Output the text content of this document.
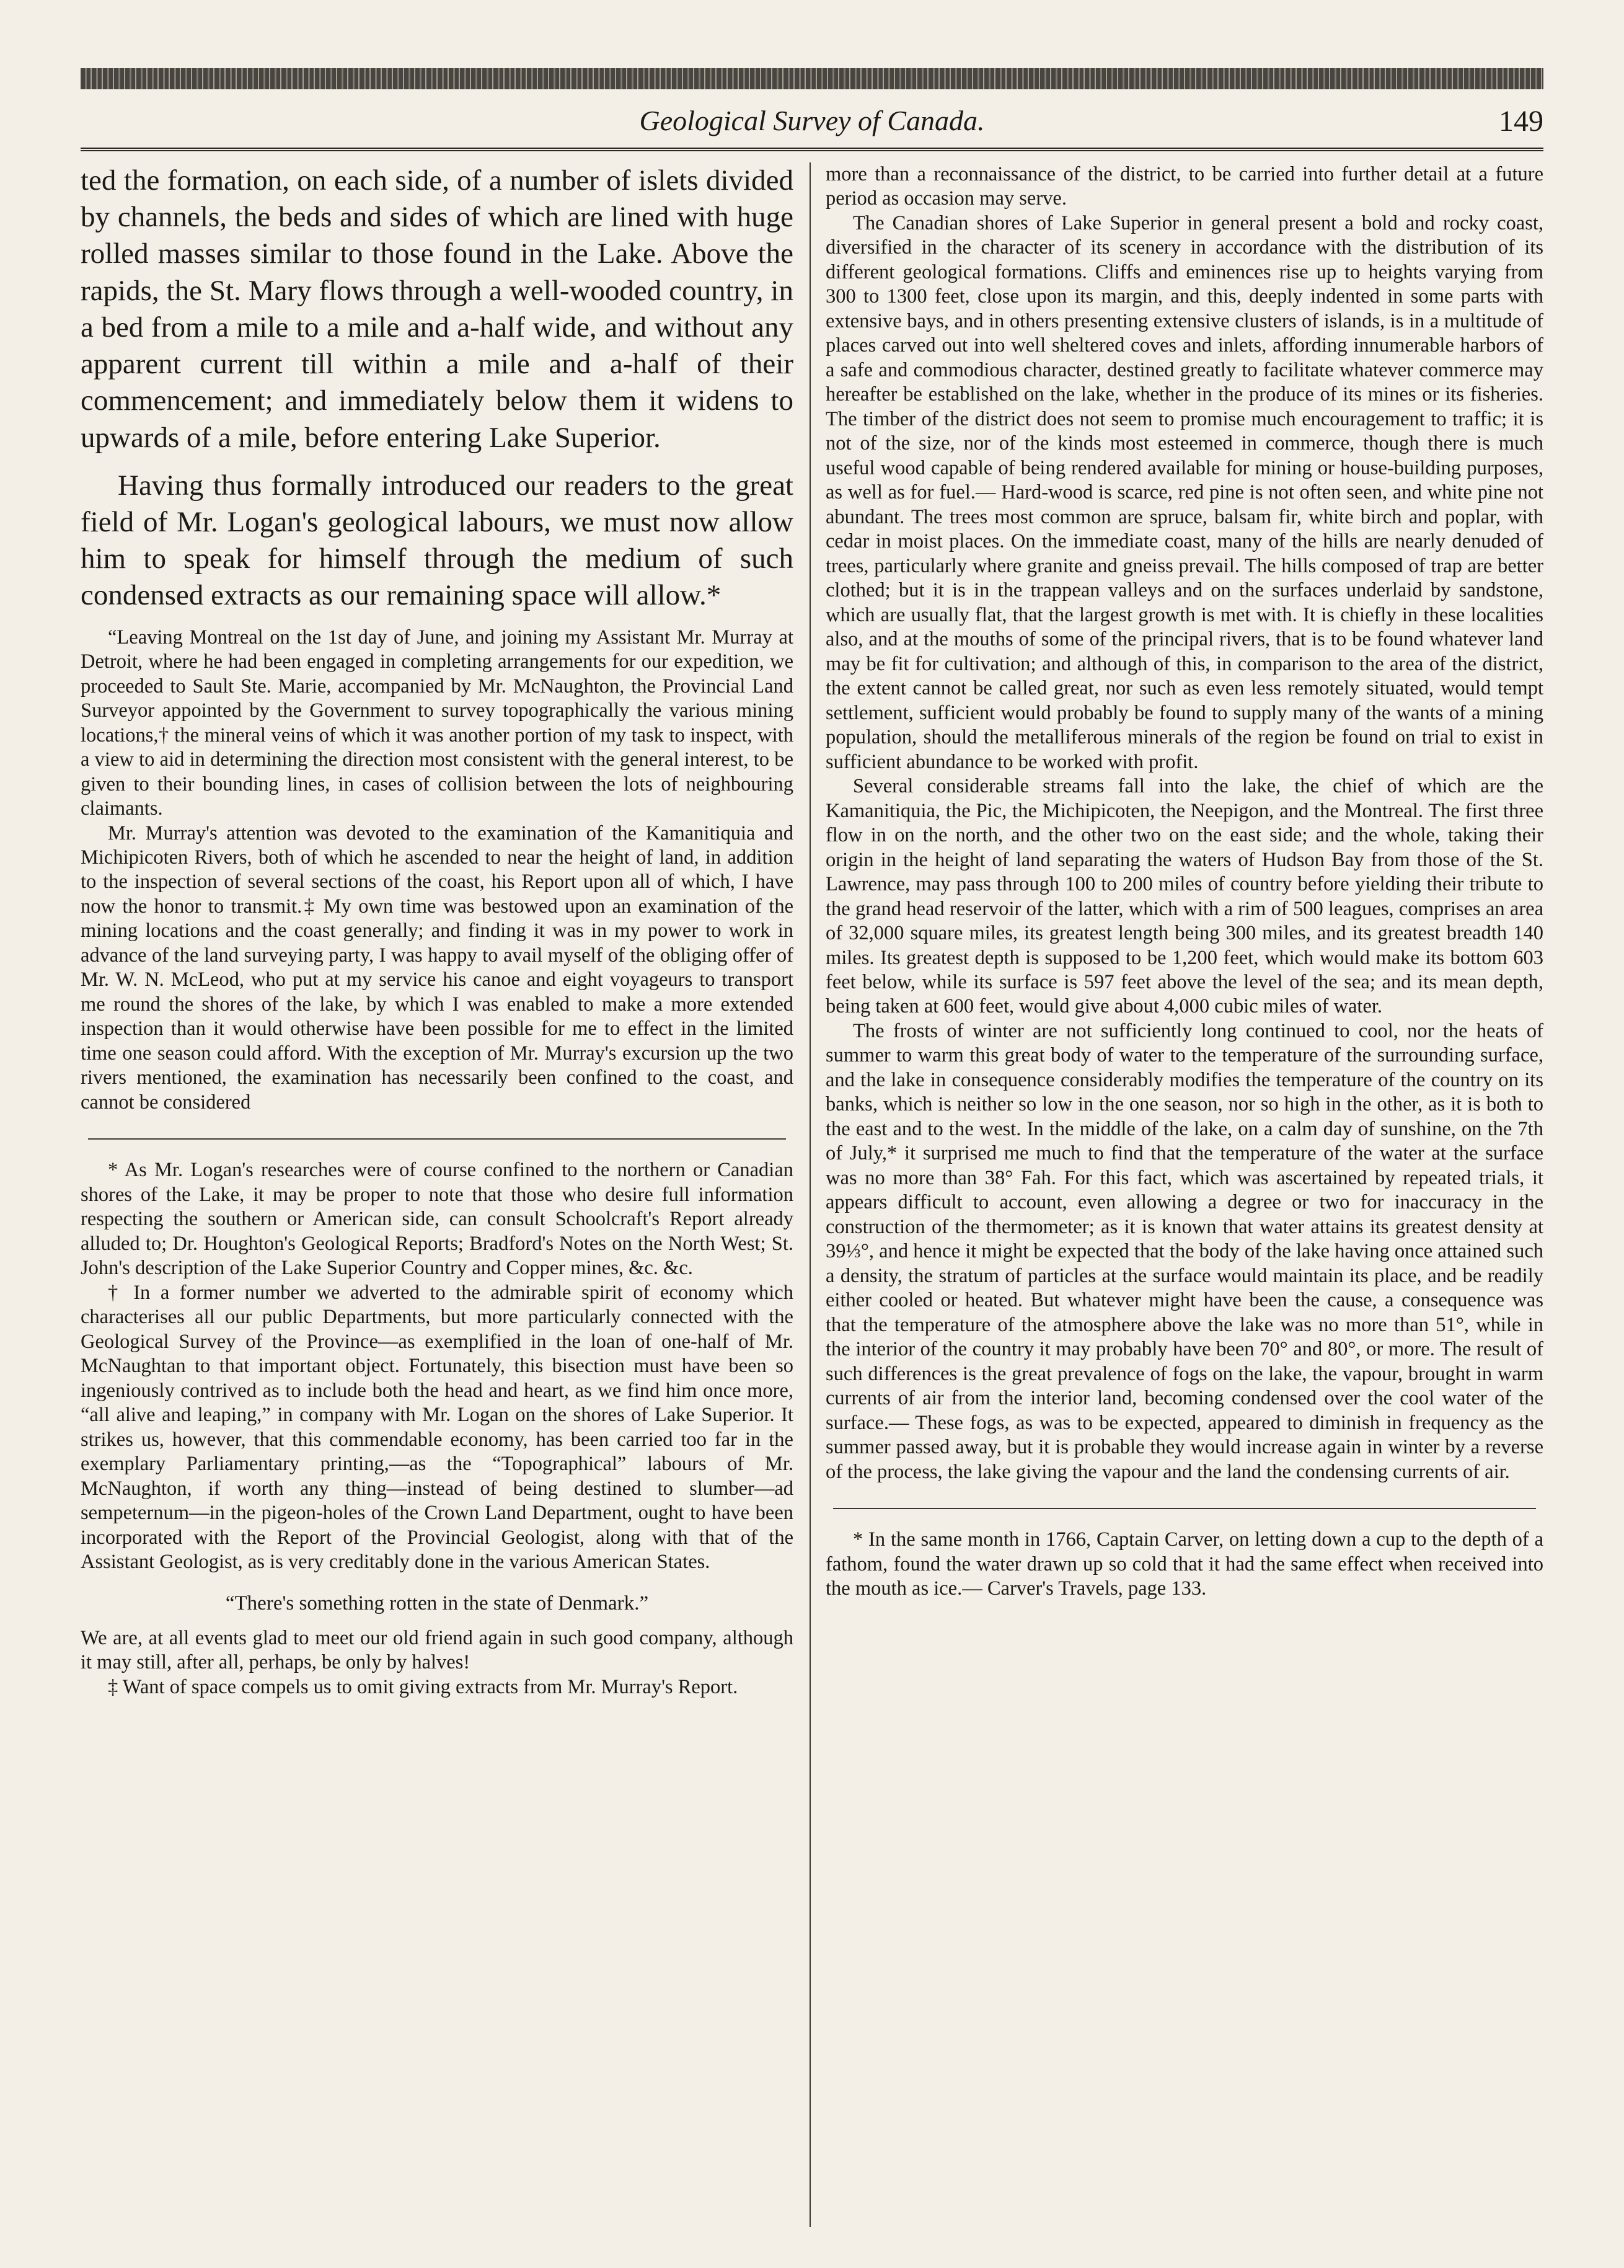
Geological Survey of Canada.	149

ted the formation, on each side, of a number of islets divided by channels, the beds and sides of which are lined with huge rolled masses similar to those found in the Lake. Above the rapids, the St. Mary flows through a well-wooded country, in a bed from a mile to a mile and a-half wide, and without any apparent current till within a mile and a-half of their commencement; and immediately below them it widens to upwards of a mile, before entering Lake Superior.

Having thus formally introduced our readers to the great field of Mr. Logan's geological labours, we must now allow him to speak for himself through the medium of such condensed extracts as our remaining space will allow.*

“Leaving Montreal on the 1st day of June, and joining my Assistant Mr. Murray at Detroit, where he had been engaged in completing arrangements for our expedition, we proceeded to Sault Ste. Marie, accompanied by Mr. McNaughton, the Provincial Land Surveyor appointed by the Government to survey topographically the various mining locations,† the mineral veins of which it was another portion of my task to inspect, with a view to aid in determining the direction most consistent with the general interest, to be given to their bounding lines, in cases of collision between the lots of neighbouring claimants.

Mr. Murray's attention was devoted to the examination of the Kamanitiquia and Michipicoten Rivers, both of which he ascended to near the height of land, in addition to the inspection of several sections of the coast, his Report upon all of which, I have now the honor to transmit.‡ My own time was bestowed upon an examination of the mining locations and the coast generally; and finding it was in my power to work in advance of the land surveying party, I was happy to avail myself of the obliging offer of Mr. W. N. McLeod, who put at my service his canoe and eight voyageurs to transport me round the shores of the lake, by which I was enabled to make a more extended inspection than it would otherwise have been possible for me to effect in the limited time one season could afford. With the exception of Mr. Murray's excursion up the two rivers mentioned, the examination has necessarily been confined to the coast, and cannot be considered

* As Mr. Logan's researches were of course confined to the northern or Canadian shores of the Lake, it may be proper to note that those who desire full information respecting the southern or American side, can consult Schoolcraft's Report already alluded to; Dr. Houghton's Geological Reports; Bradford's Notes on the North West; St. John's description of the Lake Superior Country and Copper mines, &c. &c.

† In a former number we adverted to the admirable spirit of economy which characterises all our public Departments, but more particularly connected with the Geological Survey of the Province—as exemplified in the loan of one-half of Mr. McNaughtan to that important object. Fortunately, this bisection must have been so ingeniously contrived as to include both the head and heart, as we find him once more, “all alive and leaping,” in company with Mr. Logan on the shores of Lake Superior. It strikes us, however, that this commendable economy, has been carried too far in the exemplary Parliamentary printing,—as the “Topographical” labours of Mr. McNaughton, if worth any thing—instead of being destined to slumber—ad sempeternum—in the pigeon-holes of the Crown Land Department, ought to have been incorporated with the Report of the Provincial Geologist, along with that of the Assistant Geologist, as is very creditably done in the various American States.

“There's something rotten in the state of Denmark.”

We are, at all events glad to meet our old friend again in such good company, although it may still, after all, perhaps, be only by halves!

‡ Want of space compels us to omit giving extracts from Mr. Murray's Report.

more than a reconnaissance of the district, to be carried into further detail at a future period as occasion may serve.

The Canadian shores of Lake Superior in general present a bold and rocky coast, diversified in the character of its scenery in accordance with the distribution of its different geological formations. Cliffs and eminences rise up to heights varying from 300 to 1300 feet, close upon its margin, and this, deeply indented in some parts with extensive bays, and in others presenting extensive clusters of islands, is in a multitude of places carved out into well sheltered coves and inlets, affording innumerable harbors of a safe and commodious character, destined greatly to facilitate whatever commerce may hereafter be established on the lake, whether in the produce of its mines or its fisheries. The timber of the district does not seem to promise much encouragement to traffic; it is not of the size, nor of the kinds most esteemed in commerce, though there is much useful wood capable of being rendered available for mining or house-building purposes, as well as for fuel.— Hard-wood is scarce, red pine is not often seen, and white pine not abundant. The trees most common are spruce, balsam fir, white birch and poplar, with cedar in moist places. On the immediate coast, many of the hills are nearly denuded of trees, particularly where granite and gneiss prevail. The hills composed of trap are better clothed; but it is in the trappean valleys and on the surfaces underlaid by sandstone, which are usually flat, that the largest growth is met with. It is chiefly in these localities also, and at the mouths of some of the principal rivers, that is to be found whatever land may be fit for cultivation; and although of this, in comparison to the area of the district, the extent cannot be called great, nor such as even less remotely situated, would tempt settlement, sufficient would probably be found to supply many of the wants of a mining population, should the metalliferous minerals of the region be found on trial to exist in sufficient abundance to be worked with profit.

Several considerable streams fall into the lake, the chief of which are the Kamanitiquia, the Pic, the Michipicoten, the Neepigon, and the Montreal. The first three flow in on the north, and the other two on the east side; and the whole, taking their origin in the height of land separating the waters of Hudson Bay from those of the St. Lawrence, may pass through 100 to 200 miles of country before yielding their tribute to the grand head reservoir of the latter, which with a rim of 500 leagues, comprises an area of 32,000 square miles, its greatest length being 300 miles, and its greatest breadth 140 miles. Its greatest depth is supposed to be 1,200 feet, which would make its bottom 603 feet below, while its surface is 597 feet above the level of the sea; and its mean depth, being taken at 600 feet, would give about 4,000 cubic miles of water.

The frosts of winter are not sufficiently long continued to cool, nor the heats of summer to warm this great body of water to the temperature of the surrounding surface, and the lake in consequence considerably modifies the temperature of the country on its banks, which is neither so low in the one season, nor so high in the other, as it is both to the east and to the west. In the middle of the lake, on a calm day of sunshine, on the 7th of July,* it surprised me much to find that the temperature of the water at the surface was no more than 38° Fah. For this fact, which was ascertained by repeated trials, it appears difficult to account, even allowing a degree or two for inaccuracy in the construction of the thermometer; as it is known that water attains its greatest density at 39⅓°, and hence it might be expected that the body of the lake having once attained such a density, the stratum of particles at the surface would maintain its place, and be readily either cooled or heated. But whatever might have been the cause, a consequence was that the temperature of the atmosphere above the lake was no more than 51°, while in the interior of the country it may probably have been 70° and 80°, or more. The result of such differences is the great prevalence of fogs on the lake, the vapour, brought in warm currents of air from the interior land, becoming condensed over the cool water of the surface.— These fogs, as was to be expected, appeared to diminish in frequency as the summer passed away, but it is probable they would increase again in winter by a reverse of the process, the lake giving the vapour and the land the condensing currents of air.

* In the same month in 1766, Captain Carver, on letting down a cup to the depth of a fathom, found the water drawn up so cold that it had the same effect when received into the mouth as ice.— Carver's Travels, page 133.
